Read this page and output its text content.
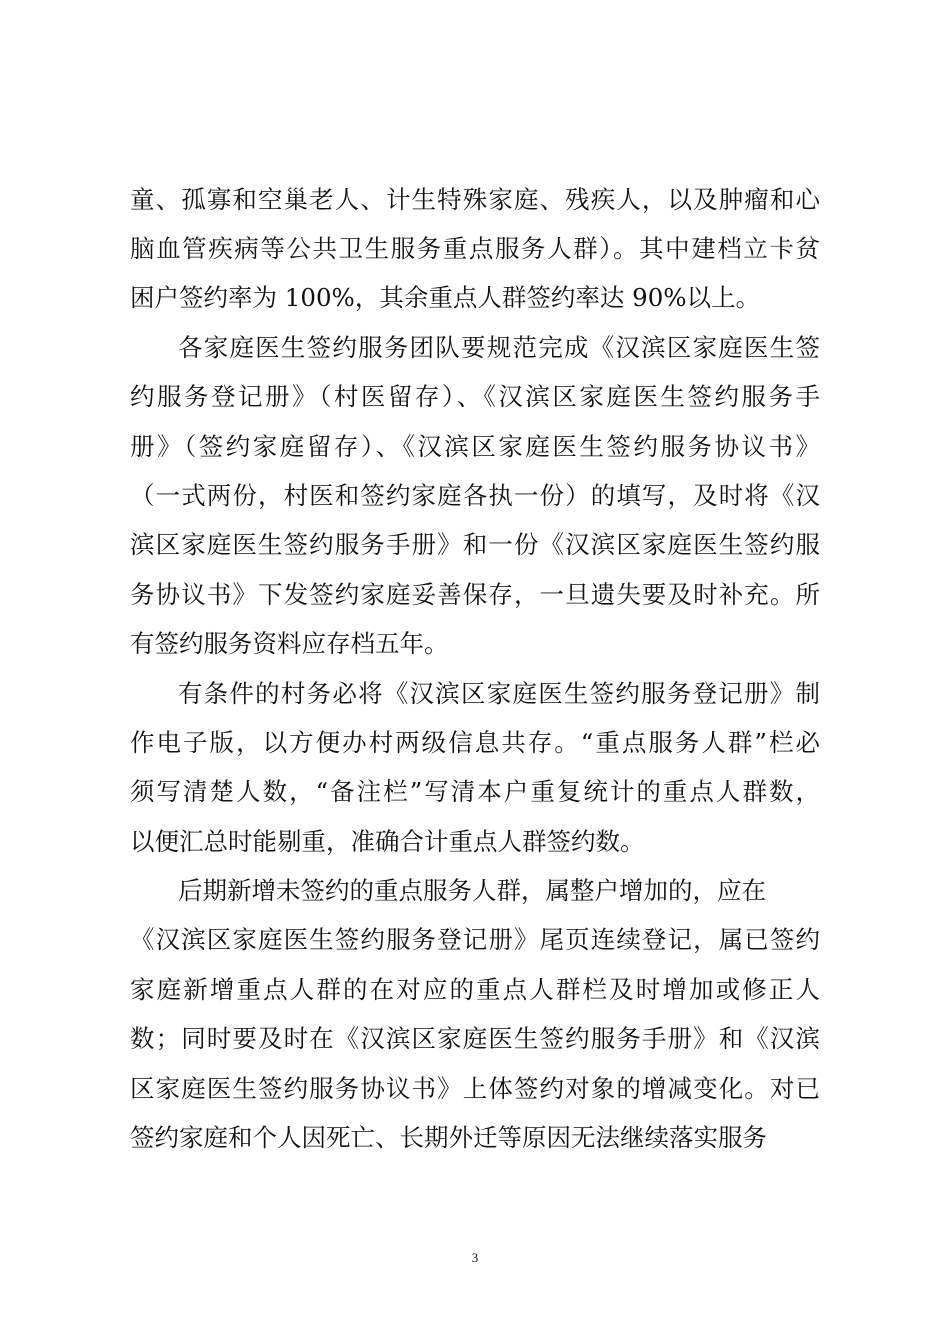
童、孤寡和空巢老人、计生特殊家庭、残疾人，以及肿瘤和心
脑血管疾病等公共卫生服务重点服务人群）。其中建档立卡贫
困户签约率为 100%，其余重点人群签约率达 90%以上。
各家庭医生签约服务团队要规范完成《汉滨区家庭医生签
约服务登记册》（村医留存）、《汉滨区家庭医生签约服务手
册》（签约家庭留存）、《汉滨区家庭医生签约服务协议书》
（一式两份，村医和签约家庭各执一份）的填写，及时将《汉
滨区家庭医生签约服务手册》和一份《汉滨区家庭医生签约服
务协议书》下发签约家庭妥善保存，一旦遗失要及时补充。所
有签约服务资料应存档五年。
有条件的村务必将《汉滨区家庭医生签约服务登记册》制
作电子版，以方便办村两级信息共存。“重点服务人群”栏必
须写清楚人数，“备注栏”写清本户重复统计的重点人群数，
以便汇总时能剔重，准确合计重点人群签约数。
后期新增未签约的重点服务人群，属整户增加的，应在
《汉滨区家庭医生签约服务登记册》尾页连续登记，属已签约
家庭新增重点人群的在对应的重点人群栏及时增加或修正人
数；同时要及时在《汉滨区家庭医生签约服务手册》和《汉滨
区家庭医生签约服务协议书》上体签约对象的增减变化。对已
签约家庭和个人因死亡、长期外迁等原因无法继续落实服务
3
